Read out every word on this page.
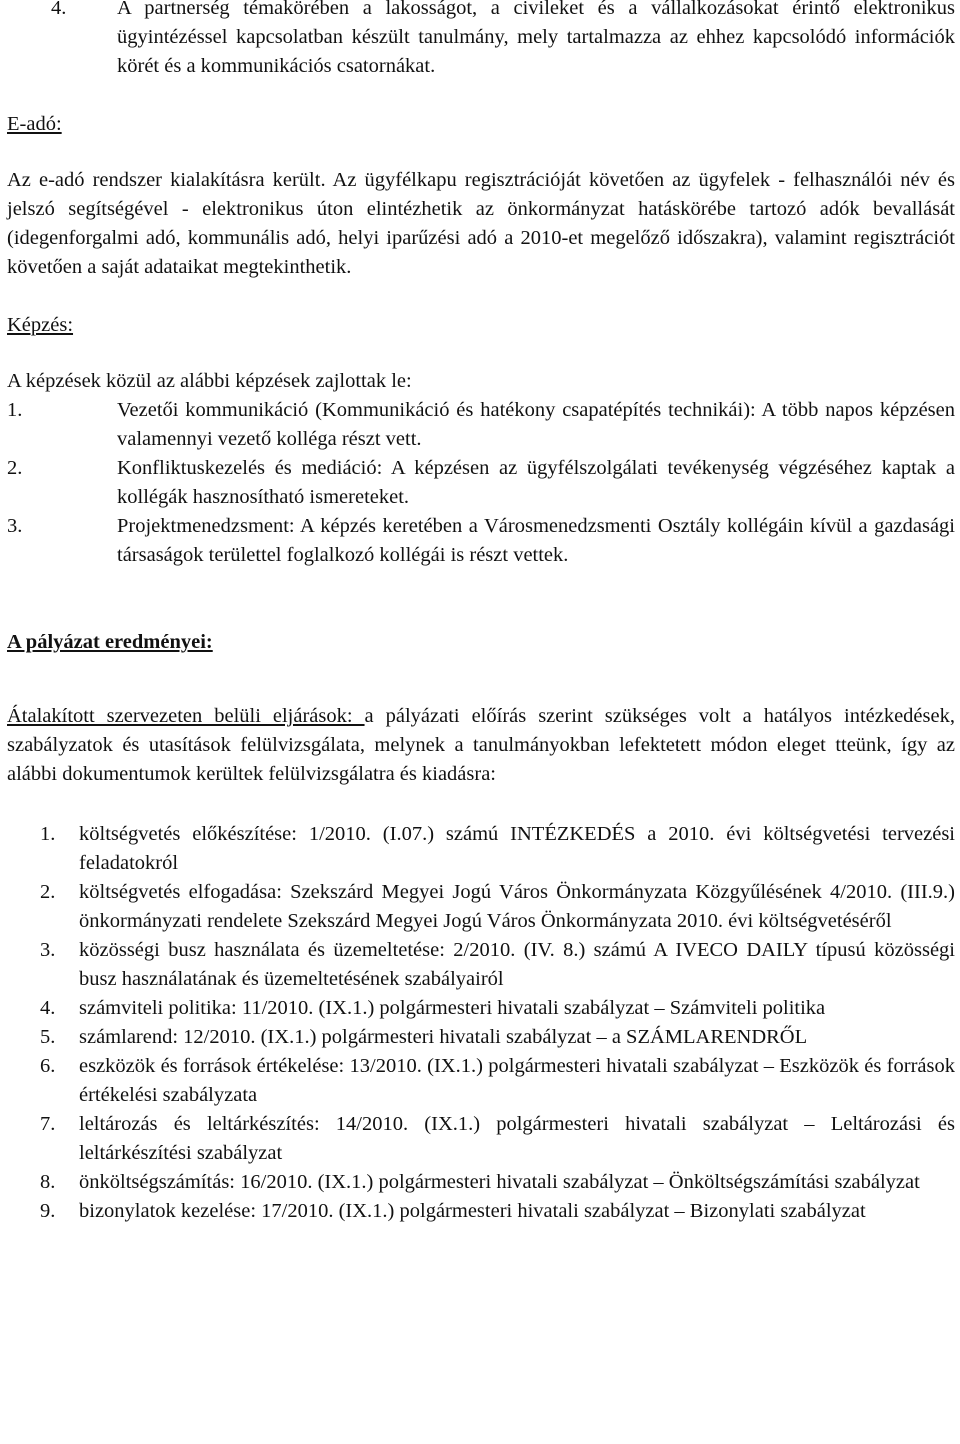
4.	A partnerség témakörében a lakosságot, a civileket és a vállalkozásokat érintő elektronikus ügyintézéssel kapcsolatban készült tanulmány, mely tartalmazza az ehhez kapcsolódó információk körét és a kommunikációs csatornákat.
E-adó:
Az e-adó rendszer kialakításra került. Az ügyfélkapu regisztrációját követően az ügyfelek - felhasználói név és jelszó segítségével - elektronikus úton elintézhetik az önkormányzat hatáskörébe tartozó adók bevallását (idegenforgalmi adó, kommunális adó, helyi iparűzési adó a 2010-et megelőző időszakra), valamint regisztrációt követően a saját adataikat megtekinthetik.
Képzés:
A képzések közül az alábbi képzések zajlottak le:
1.	Vezetői kommunikáció (Kommunikáció és hatékony csapatépítés technikái): A több napos képzésen valamennyi vezető kolléga részt vett.
2.	Konfliktuskezelés és mediáció: A képzésen az ügyfélszolgálati tevékenység végzéséhez kaptak a kollégák hasznosítható ismereteket.
3.	Projektmenedzsment: A képzés keretében a Városmenedzsmenti Osztály kollégáin kívül a gazdasági társaságok területtel foglalkozó kollégái is részt vettek.
A pályázat eredményei:
Átalakított szervezeten belüli eljárások: a pályázati előírás szerint szükséges volt a hatályos intézkedések, szabályzatok és utasítások felülvizsgálata, melynek a tanulmányokban lefektetett módon eleget tteünk, így az alábbi dokumentumok kerültek felülvizsgálatra és kiadásra:
1.	költségvetés előkészítése: 1/2010. (I.07.) számú INTÉZKEDÉS a 2010. évi költségvetési tervezési feladatokról
2.	költségvetés elfogadása: Szekszárd Megyei Jogú Város Önkormányzata Közgyűlésének 4/2010. (III.9.) önkormányzati rendelete Szekszárd Megyei Jogú Város Önkormányzata 2010. évi költségvetéséről
3.	közösségi busz használata és üzemeltetése: 2/2010. (IV. 8.) számú A IVECO DAILY típusú közösségi busz használatának és üzemeltetésének szabályairól
4.	számviteli politika: 11/2010. (IX.1.) polgármesteri hivatali szabályzat – Számviteli politika
5.	számlarend: 12/2010. (IX.1.) polgármesteri hivatali szabályzat – a SZÁMLARENDRŐL
6.	eszközök és források értékelése: 13/2010. (IX.1.) polgármesteri hivatali szabályzat – Eszközök és források értékelési szabályzata
7.	leltározás és leltárkészítés: 14/2010. (IX.1.) polgármesteri hivatali szabályzat – Leltározási és leltárkészítési szabályzat
8.	önköltségszámítás: 16/2010. (IX.1.) polgármesteri hivatali szabályzat – Önköltségszámítási szabályzat
9.	bizonylatok kezelése: 17/2010. (IX.1.) polgármesteri hivatali szabályzat – Bizonylati szabályzat
